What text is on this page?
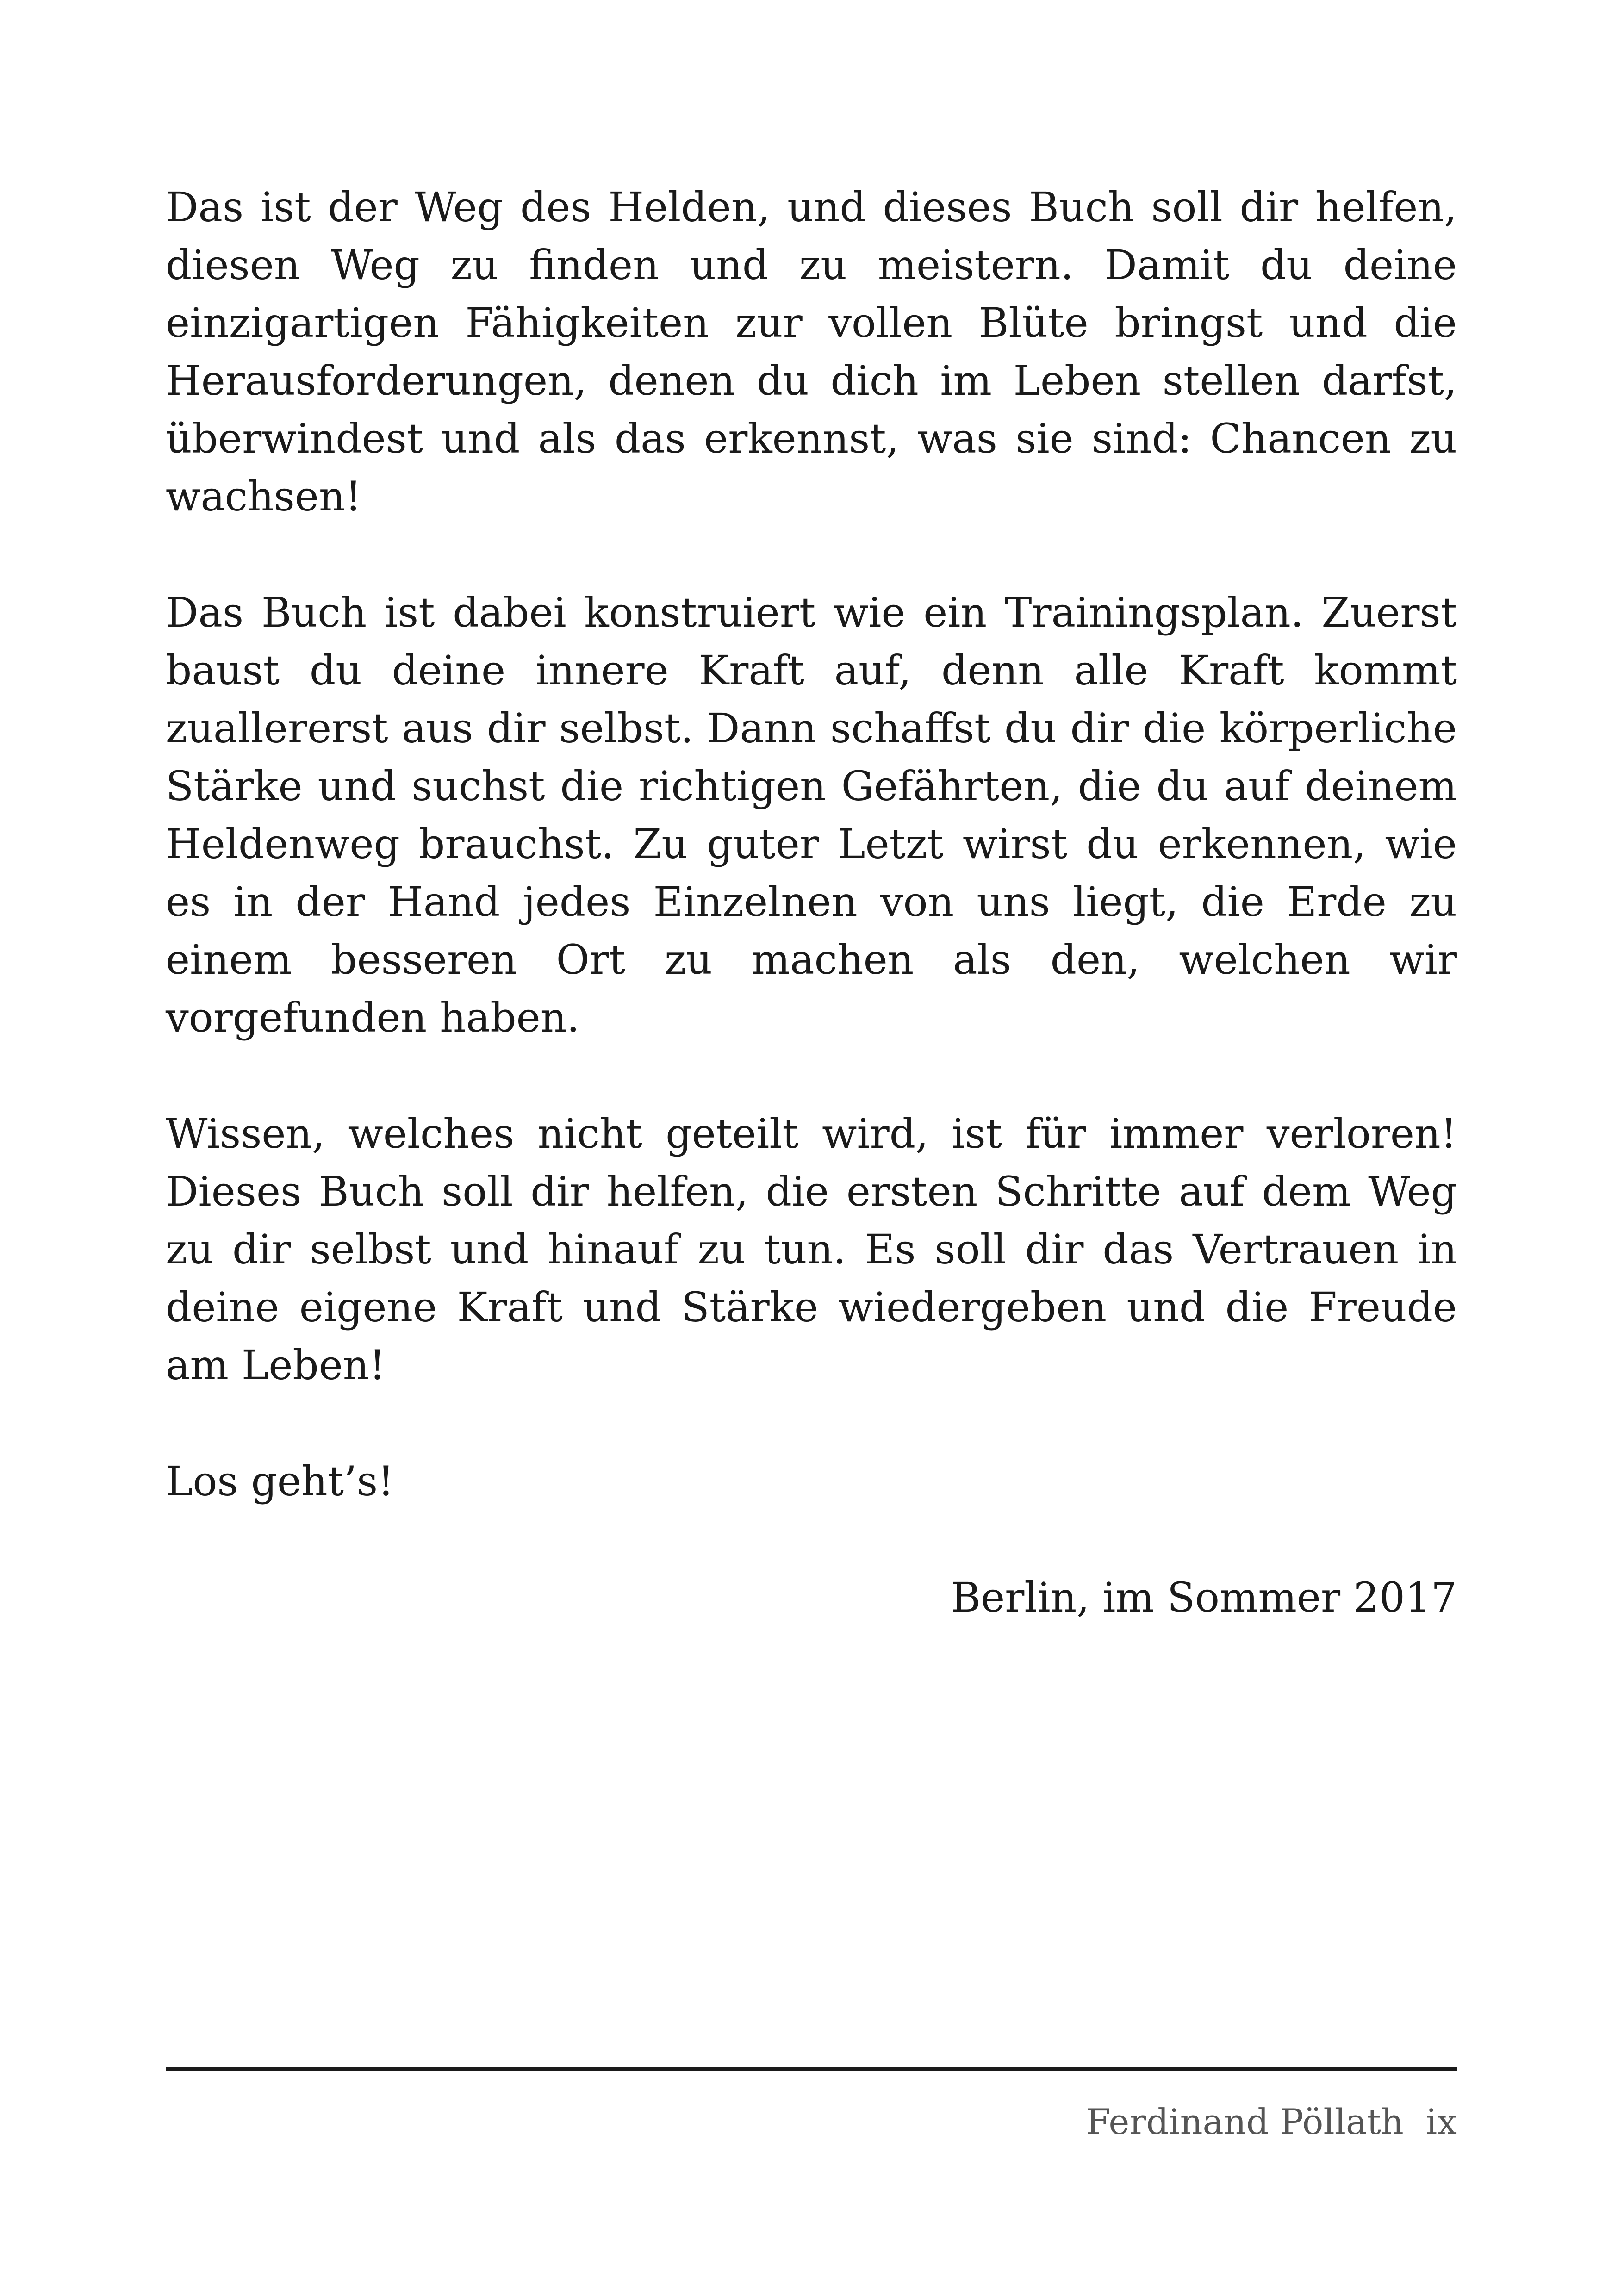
Das ist der Weg des Helden, und dieses Buch soll dir helfen, diesen Weg zu finden und zu meistern. Damit du deine einzigartigen Fähigkeiten zur vollen Blüte bringst und die Herausforderungen, denen du dich im Leben stellen darfst, überwindest und als das erkennst, was sie sind: Chancen zu wachsen!

Das Buch ist dabei konstruiert wie ein Trainingsplan. Zuerst baust du deine innere Kraft auf, denn alle Kraft kommt zuallererst aus dir selbst. Dann schaffst du dir die körperliche Stärke und suchst die richtigen Gefährten, die du auf deinem Heldenweg brauchst. Zu guter Letzt wirst du erkennen, wie es in der Hand jedes Einzelnen von uns liegt, die Erde zu einem besseren Ort zu machen als den, welchen wir vorgefunden haben.

Wissen, welches nicht geteilt wird, ist für immer verloren! Dieses Buch soll dir helfen, die ersten Schritte auf dem Weg zu dir selbst und hinauf zu tun. Es soll dir das Vertrauen in deine eigene Kraft und Stärke wiedergeben und die Freude am Leben!

Los geht’s!

Berlin, im Sommer 2017

Ferdinand Pöllath ix
